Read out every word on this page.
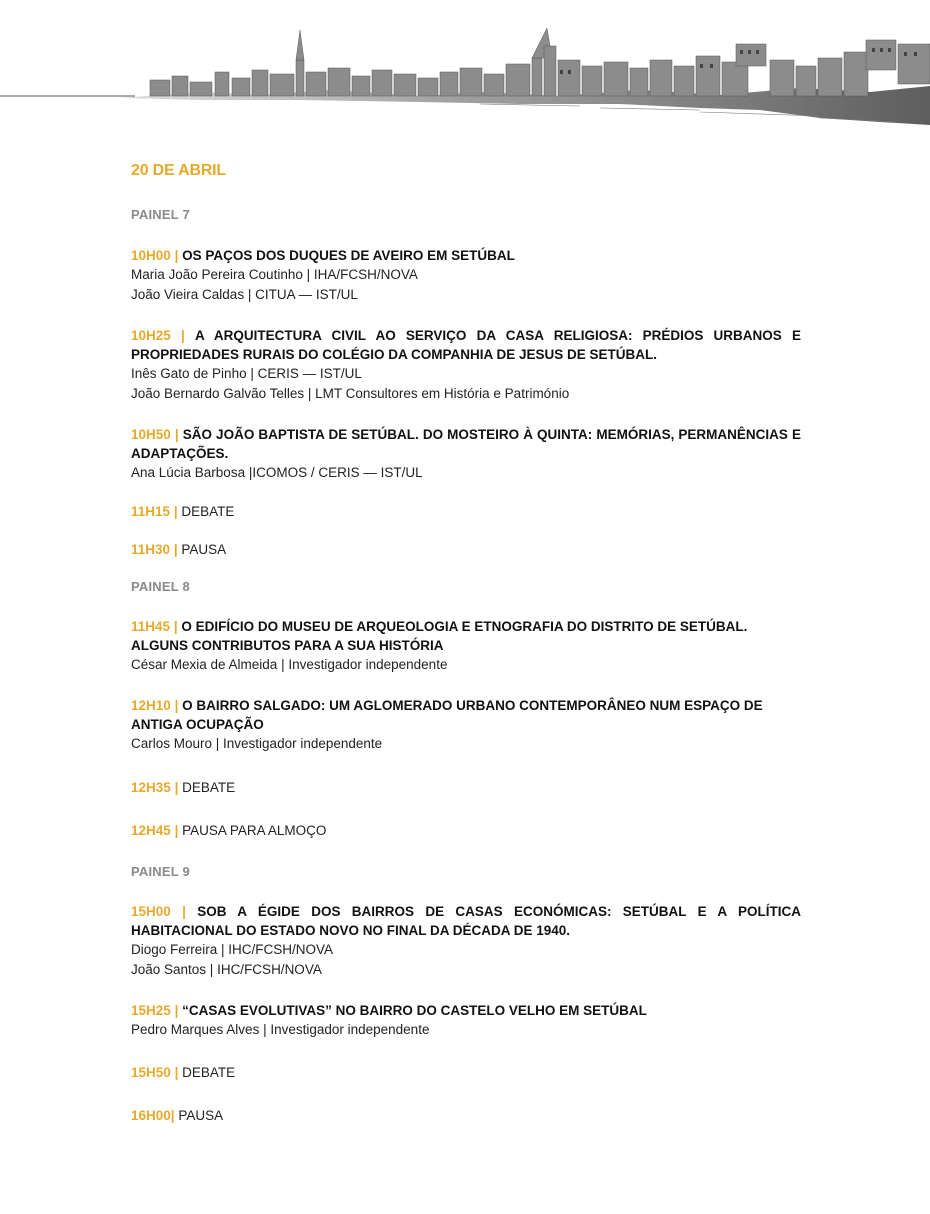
20 DE ABRIL

PAINEL 7

10H00 | OS PAÇOS DOS DUQUES DE AVEIRO EM SETÚBAL

Maria João Pereira Coutinho | IHA/FCSH/NOVA

João Vieira Caldas | CITUA — IST/UL

10H25 | A ARQUITECTURA CIVIL AO SERVIÇO DA CASA RELIGIOSA: PRÉDIOS URBANOS E PROPRIEDADES RURAIS DO COLÉGIO DA COMPANHIA DE JESUS DE SETÚBAL.

Inês Gato de Pinho | CERIS — IST/UL

João Bernardo Galvão Telles | LMT Consultores em História e Património

10H50 | SÃO JOÃO BAPTISTA DE SETÚBAL. DO MOSTEIRO À QUINTA: MEMÓRIAS, PERMANÊNCIAS E ADAPTAÇÕES.

Ana Lúcia Barbosa |ICOMOS / CERIS — IST/UL

11H15 | DEBATE

11H30 | PAUSA

PAINEL 8

11H45 | O EDIFÍCIO DO MUSEU DE ARQUEOLOGIA E ETNOGRAFIA DO DISTRITO DE SETÚBAL. ALGUNS CONTRIBUTOS PARA A SUA HISTÓRIA

César Mexia de Almeida | Investigador independente

12H10 | O BAIRRO SALGADO: UM AGLOMERADO URBANO CONTEMPORÂNEO NUM ESPAÇO DE ANTIGA OCUPAÇÃO

Carlos Mouro | Investigador independente

12H35 | DEBATE

12H45 | PAUSA PARA ALMOÇO

PAINEL 9

15H00 | SOB A ÉGIDE DOS BAIRROS DE CASAS ECONÓMICAS: SETÚBAL E A POLÍTICA HABITACIONAL DO ESTADO NOVO NO FINAL DA DÉCADA DE 1940.

Diogo Ferreira | IHC/FCSH/NOVA

João Santos | IHC/FCSH/NOVA

15H25 | “CASAS EVOLUTIVAS” NO BAIRRO DO CASTELO VELHO EM SETÚBAL

Pedro Marques Alves | Investigador independente

15H50 | DEBATE

16H00| PAUSA
